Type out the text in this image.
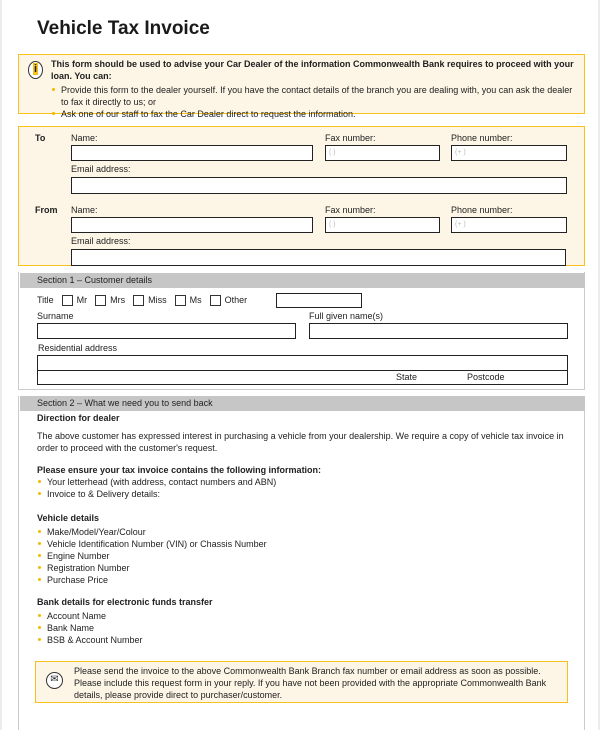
Vehicle Tax Invoice
i	This form should be used to advise your Car Dealer of the information Commonwealth Bank requires to proceed with your loan. You can:
Provide this form to the dealer yourself. If you have the contact details of the branch you are dealing with, you can ask the dealer to fax it directly to us; or
Ask one of our staff to fax the Car Dealer direct to request the information.
To	Name:	Fax number:	Phone number:
( )	(+ )
Email address:
From Name:	Fax number:	Phone number:
( )	(+ )
Email address:
Section 1 – Customer details
Title	Mr	Mrs	Miss	Ms	Other
Surname	Full given name(s)
Residential address
State	Postcode
Section 2 – What we need you to send back
Direction for dealer
The above customer has expressed interest in purchasing a vehicle from your dealership. We require a copy of vehicle tax invoice in order to proceed with the customer's request.
Please ensure your tax invoice contains the following information:
Your letterhead (with address, contact numbers and ABN)
Invoice to & Delivery details:
Vehicle details
Make/Model/Year/Colour
Vehicle Identification Number (VIN) or Chassis Number
Engine Number
Registration Number
Purchase Price
Bank details for electronic funds transfer
Account Name
Bank Name
BSB & Account Number
✉
Please send the invoice to the above Commonwealth Bank Branch fax number or email address as soon as possible. Please include this request form in your reply. If you have not been provided with the appropriate Commonwealth Bank details, please provide direct to purchaser/customer.
